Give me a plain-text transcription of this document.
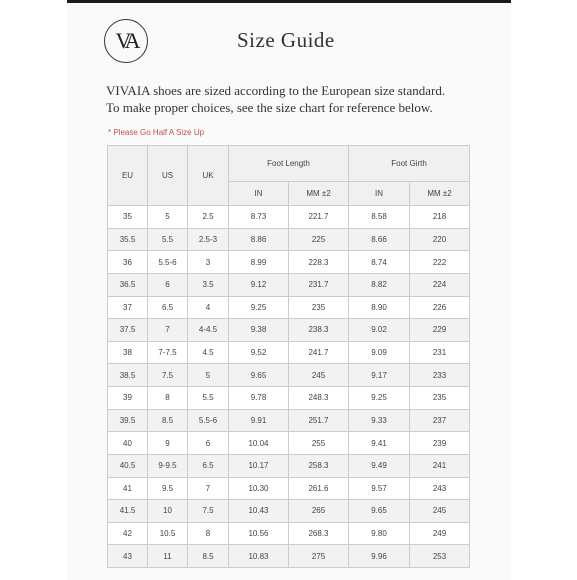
VA	Size Guide
VIVAIA shoes are sized according to the European size standard.
To make proper choices, see the size chart for reference below.
* Please Go Half A Size Up
EU	US	UK	Foot Length		Foot Girth	
			IN	MM ±2	IN	MM ±2
35	5	2.5	8.73	221.7	8.58	218
35.5	5.5	2.5-3	8.86	225	8.66	220
36	5.5-6	3	8.99	228.3	8.74	222
36.5	6	3.5	9.12	231.7	8.82	224
37	6.5	4	9.25	235	8.90	226
37.5	7	4-4.5	9.38	238.3	9.02	229
38	7-7.5	4.5	9.52	241.7	9.09	231
38.5	7.5	5	9.65	245	9.17	233
39	8	5.5	9.78	248.3	9.25	235
39.5	8.5	5.5-6	9.91	251.7	9.33	237
40	9	6	10.04	255	9.41	239
40.5	9-9.5	6.5	10.17	258.3	9.49	241
41	9.5	7	10.30	261.6	9.57	243
41.5	10	7.5	10.43	265	9.65	245
42	10.5	8	10.56	268.3	9.80	249
43	11	8.5	10.83	275	9.96	253
